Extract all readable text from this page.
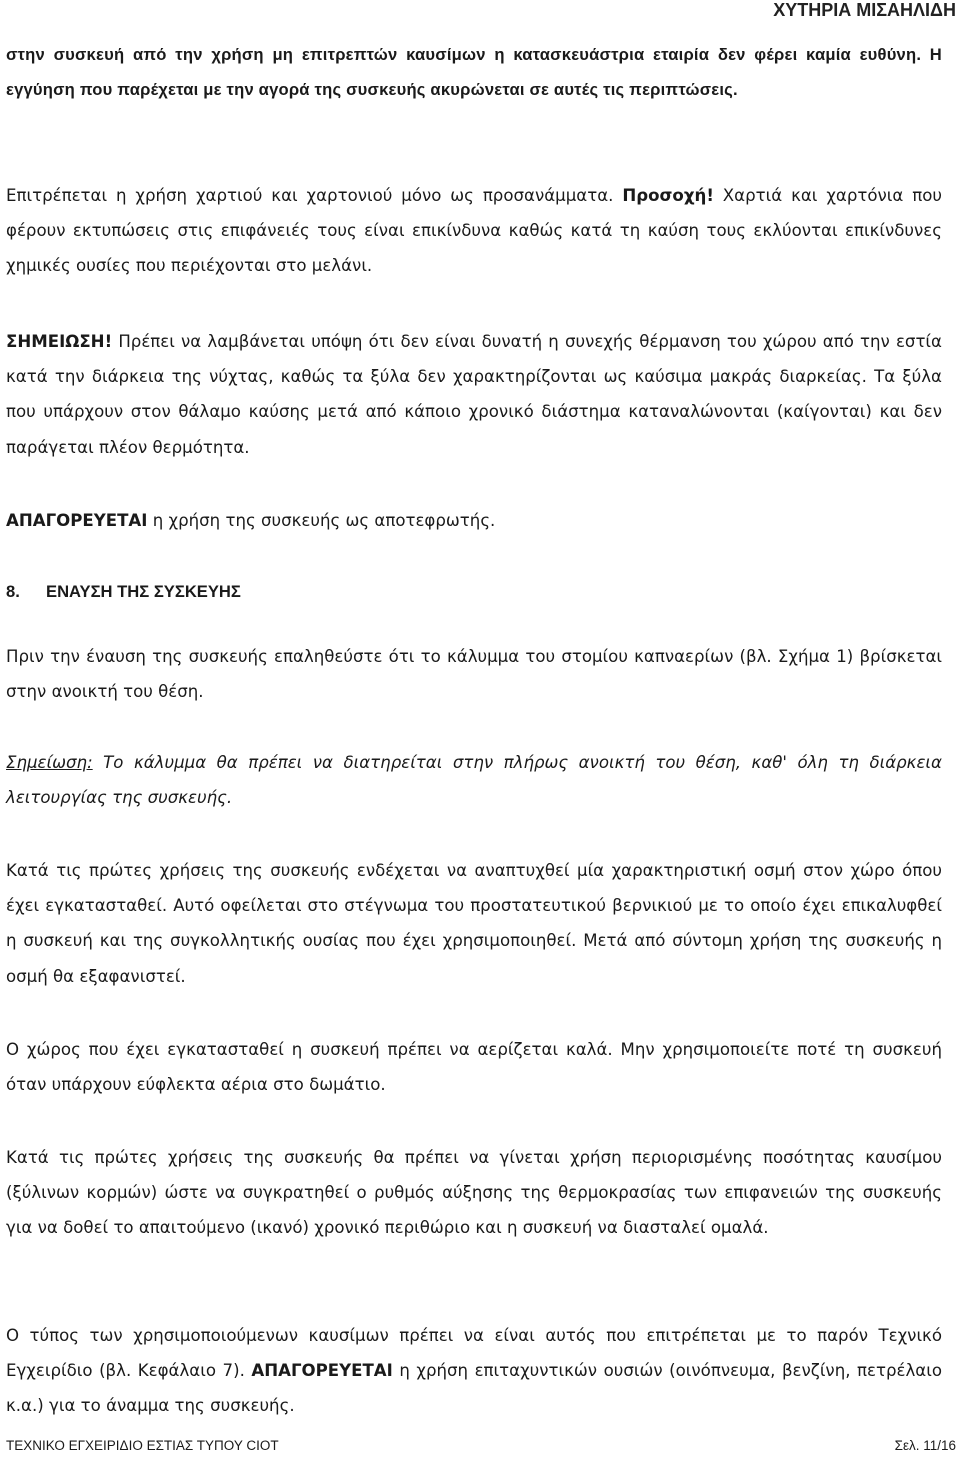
ΧΥΤΗΡΙΑ ΜΙΣΑΗΛΙΔΗ

στην συσκευή από την χρήση μη επιτρεπτών καυσίμων η κατασκευάστρια εταιρία δεν φέρει καμία ευθύνη. Η εγγύηση που παρέχεται με την αγορά της συσκευής ακυρώνεται σε αυτές τις περιπτώσεις.

Επιτρέπεται η χρήση χαρτιού και χαρτονιού μόνο ως προσανάμματα. Προσοχή! Χαρτιά και χαρτόνια που φέρουν εκτυπώσεις στις επιφάνειές τους είναι επικίνδυνα καθώς κατά τη καύση τους εκλύονται επικίνδυνες χημικές ουσίες που περιέχονται στο μελάνι.

ΣΗΜΕΙΩΣΗ! Πρέπει να λαμβάνεται υπόψη ότι δεν είναι δυνατή η συνεχής θέρμανση του χώρου από την εστία κατά την διάρκεια της νύχτας, καθώς τα ξύλα δεν χαρακτηρίζονται ως καύσιμα μακράς διαρκείας. Τα ξύλα που υπάρχουν στον θάλαμο καύσης μετά από κάποιο χρονικό διάστημα καταναλώνονται (καίγονται) και δεν παράγεται πλέον θερμότητα.

ΑΠΑΓΟΡΕΥΕΤΑΙ η χρήση της συσκευής ως αποτεφρωτής.

8. ΕΝΑΥΣΗ ΤΗΣ ΣΥΣΚΕΥΗΣ

Πριν την έναυση της συσκευής επαληθεύστε ότι το κάλυμμα του στομίου καπναερίων (βλ. Σχήμα 1) βρίσκεται στην ανοικτή του θέση.

Σημείωση: Το κάλυμμα θα πρέπει να διατηρείται στην πλήρως ανοικτή του θέση, καθ' όλη τη διάρκεια λειτουργίας της συσκευής.

Κατά τις πρώτες χρήσεις της συσκευής ενδέχεται να αναπτυχθεί μία χαρακτηριστική οσμή στον χώρο όπου έχει εγκατασταθεί. Αυτό οφείλεται στο στέγνωμα του προστατευτικού βερνικιού με το οποίο έχει επικαλυφθεί η συσκευή και της συγκολλητικής ουσίας που έχει χρησιμοποιηθεί. Μετά από σύντομη χρήση της συσκευής η οσμή θα εξαφανιστεί.

Ο χώρος που έχει εγκατασταθεί η συσκευή πρέπει να αερίζεται καλά. Μην χρησιμοποιείτε ποτέ τη συσκευή όταν υπάρχουν εύφλεκτα αέρια στο δωμάτιο.

Κατά τις πρώτες χρήσεις της συσκευής θα πρέπει να γίνεται χρήση περιορισμένης ποσότητας καυσίμου (ξύλινων κορμών) ώστε να συγκρατηθεί ο ρυθμός αύξησης της θερμοκρασίας των επιφανειών της συσκευής για να δοθεί το απαιτούμενο (ικανό) χρονικό περιθώριο και η συσκευή να διασταλεί ομαλά.

Ο τύπος των χρησιμοποιούμενων καυσίμων πρέπει να είναι αυτός που επιτρέπεται με το παρόν Τεχνικό Εγχειρίδιο (βλ. Κεφάλαιο 7). ΑΠΑΓΟΡΕΥΕΤΑΙ η χρήση επιταχυντικών ουσιών (οινόπνευμα, βενζίνη, πετρέλαιο κ.α.) για το άναμμα της συσκευής.

ΤΕΧΝΙΚΟ ΕΓΧΕΙΡΙΔΙΟ ΕΣΤΙΑΣ ΤΥΠΟΥ CIOT	Σελ. 11/16
